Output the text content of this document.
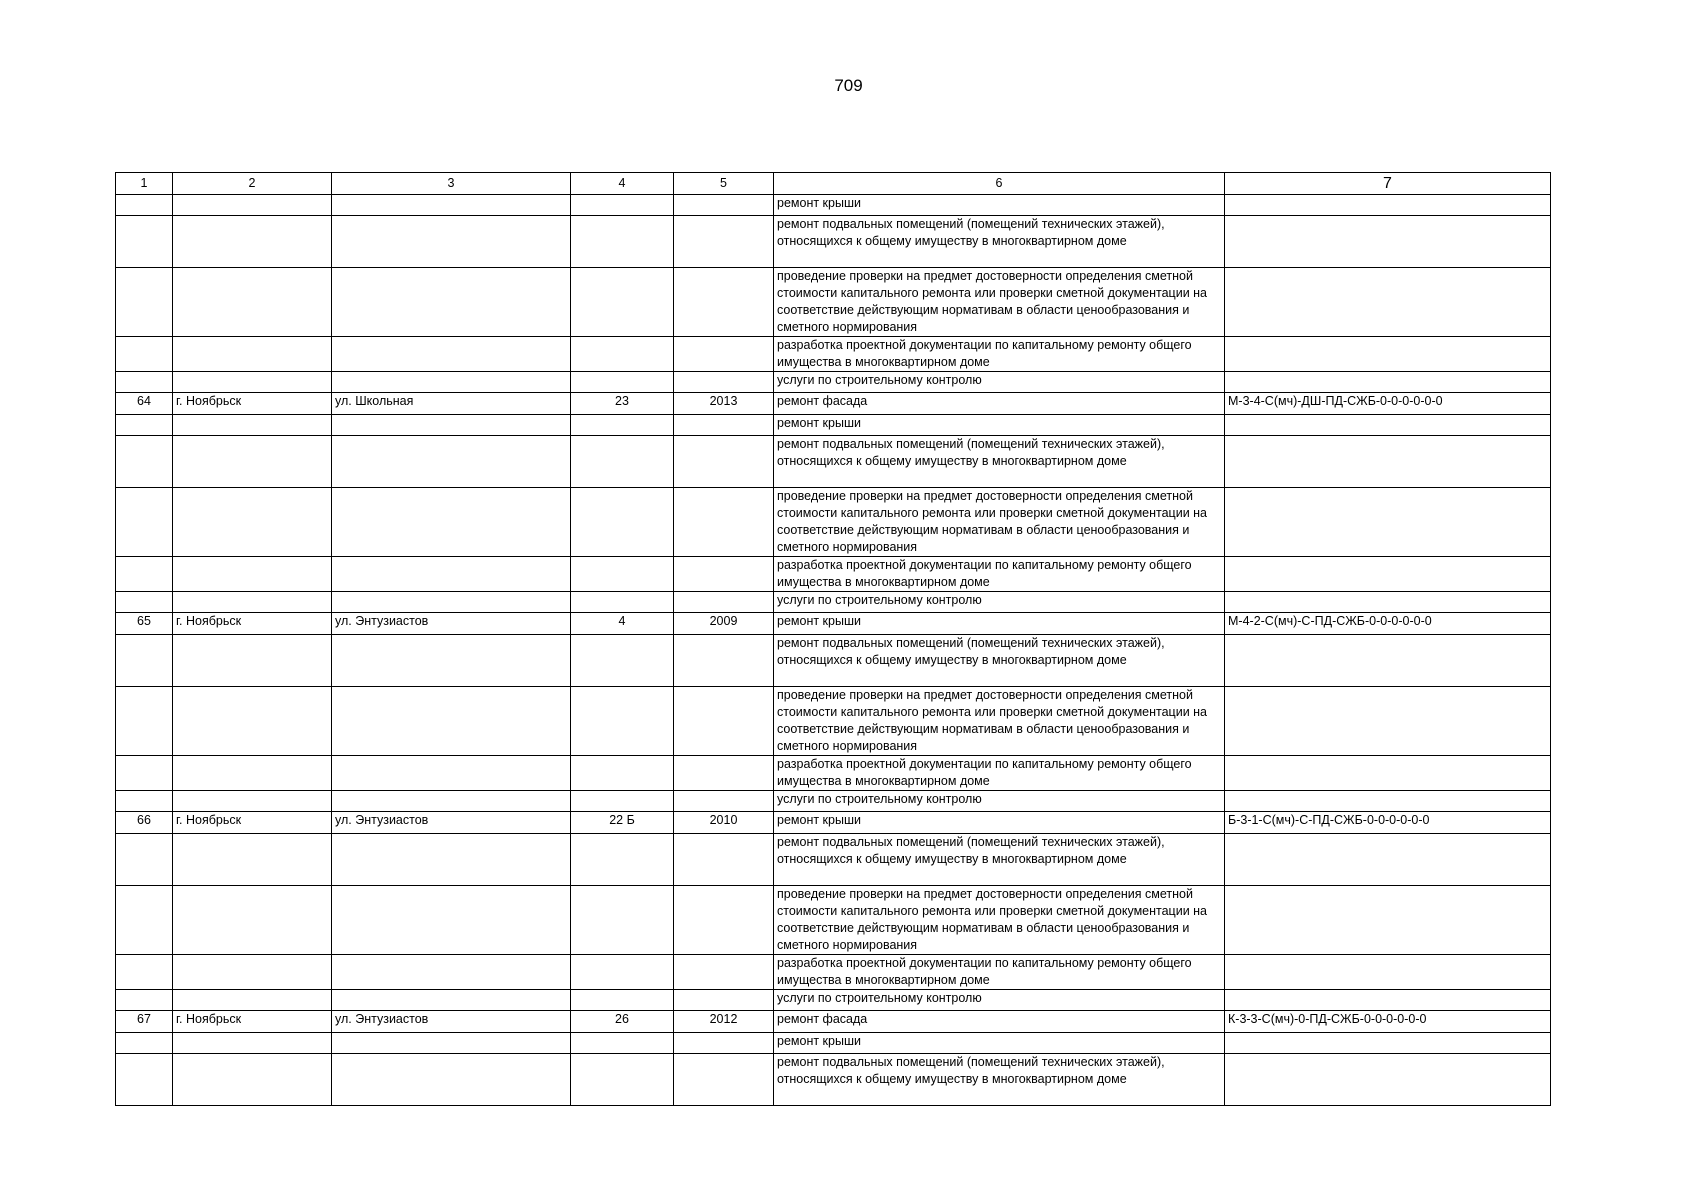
709
1	2	3	4	5	6	7
					ремонт крыши	
					ремонт подвальных помещений (помещений технических этажей), относящихся к общему имуществу в многоквартирном доме	
					проведение проверки на предмет достоверности определения сметной стоимости капитального ремонта или проверки сметной документации на соответствие действующим нормативам в области ценообразования и сметного нормирования	
					разработка проектной документации по капитальному ремонту общего имущества в многоквартирном доме	
					услуги по строительному контролю	
64	г. Ноябрьск	ул. Школьная	23	2013	ремонт фасада	М-3-4-С(мч)-ДШ-ПД-СЖБ-0-0-0-0-0-0
					ремонт крыши	
					ремонт подвальных помещений (помещений технических этажей), относящихся к общему имуществу в многоквартирном доме	
					проведение проверки на предмет достоверности определения сметной стоимости капитального ремонта или проверки сметной документации на соответствие действующим нормативам в области ценообразования и сметного нормирования	
					разработка проектной документации по капитальному ремонту общего имущества в многоквартирном доме	
					услуги по строительному контролю	
65	г. Ноябрьск	ул. Энтузиастов	4	2009	ремонт крыши	М-4-2-С(мч)-С-ПД-СЖБ-0-0-0-0-0-0
					ремонт подвальных помещений (помещений технических этажей), относящихся к общему имуществу в многоквартирном доме	
					проведение проверки на предмет достоверности определения сметной стоимости капитального ремонта или проверки сметной документации на соответствие действующим нормативам в области ценообразования и сметного нормирования	
					разработка проектной документации по капитальному ремонту общего имущества в многоквартирном доме	
					услуги по строительному контролю	
66	г. Ноябрьск	ул. Энтузиастов	22 Б	2010	ремонт крыши	Б-3-1-С(мч)-С-ПД-СЖБ-0-0-0-0-0-0
					ремонт подвальных помещений (помещений технических этажей), относящихся к общему имуществу в многоквартирном доме	
					проведение проверки на предмет достоверности определения сметной стоимости капитального ремонта или проверки сметной документации на соответствие действующим нормативам в области ценообразования и сметного нормирования	
					разработка проектной документации по капитальному ремонту общего имущества в многоквартирном доме	
					услуги по строительному контролю	
67	г. Ноябрьск	ул. Энтузиастов	26	2012	ремонт фасада	К-3-3-С(мч)-0-ПД-СЖБ-0-0-0-0-0-0
					ремонт крыши	
					ремонт подвальных помещений (помещений технических этажей), относящихся к общему имуществу в многоквартирном доме	
